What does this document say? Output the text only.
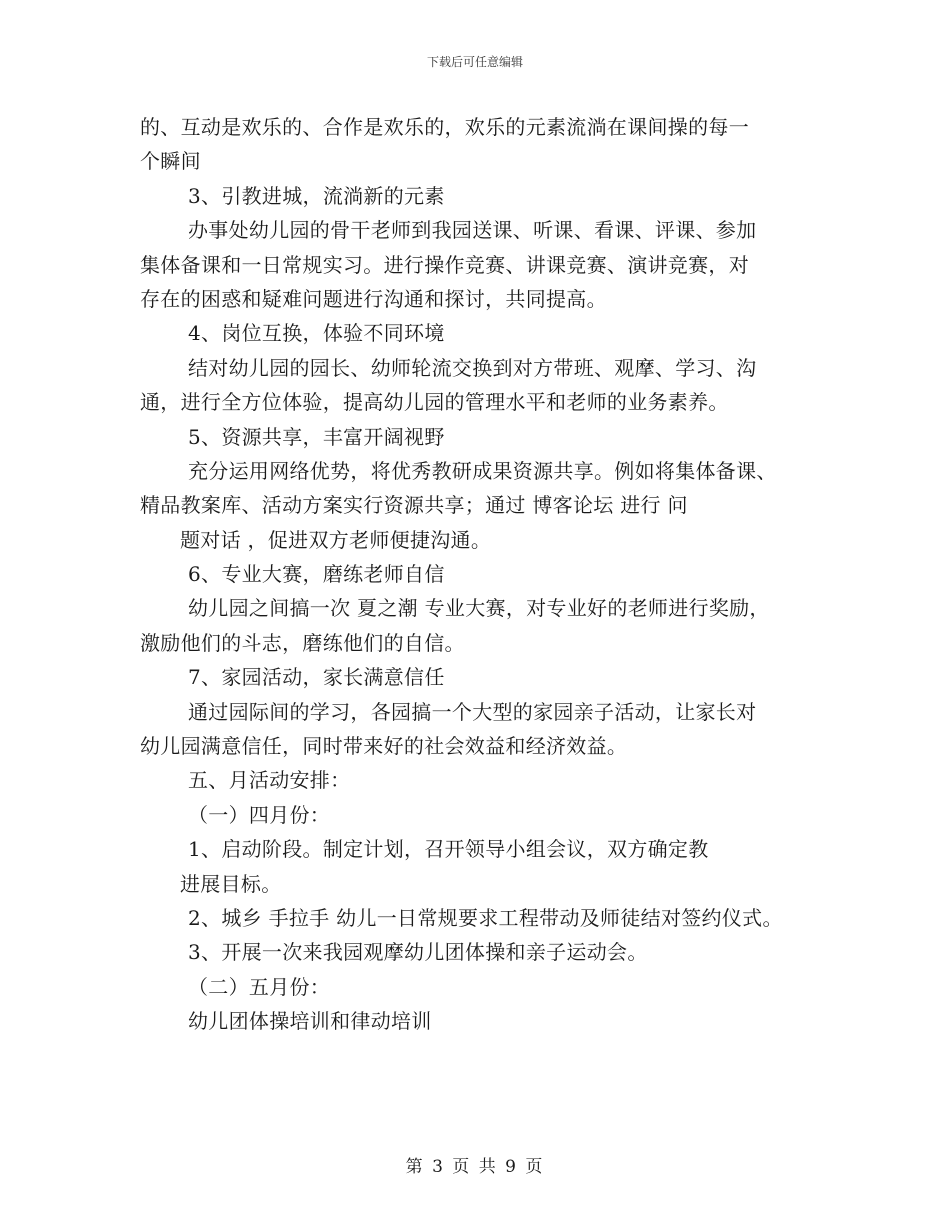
下载后可任意编辑
的、互动是欢乐的、合作是欢乐的，欢乐的元素流淌在课间操的每一
个瞬间
3、引教进城，流淌新的元素
办事处幼儿园的骨干老师到我园送课、听课、看课、评课、参加
集体备课和一日常规实习。进行操作竞赛、讲课竞赛、演讲竞赛，对
存在的困惑和疑难问题进行沟通和探讨，共同提高。
4、岗位互换，体验不同环境
结对幼儿园的园长、幼师轮流交换到对方带班、观摩、学习、沟
通，进行全方位体验，提高幼儿园的管理水平和老师的业务素养。
5、资源共享，丰富开阔视野
充分运用网络优势，将优秀教研成果资源共享。例如将集体备课、
精品教案库、活动方案实行资源共享；通过 博客论坛 进行 问
题对话 ，促进双方老师便捷沟通。
6、专业大赛，磨练老师自信
幼儿园之间搞一次 夏之潮 专业大赛，对专业好的老师进行奖励，
激励他们的斗志，磨练他们的自信。
7、家园活动，家长满意信任
通过园际间的学习，各园搞一个大型的家园亲子活动，让家长对
幼儿园满意信任，同时带来好的社会效益和经济效益。
五、月活动安排：
（一）四月份：
1、启动阶段。制定计划，召开领导小组会议，双方确定教
进展目标。
2、城乡 手拉手 幼儿一日常规要求工程带动及师徒结对签约仪式。
3、开展一次来我园观摩幼儿团体操和亲子运动会。
（二）五月份：
幼儿团体操培训和律动培训
第 3 页 共 9 页
